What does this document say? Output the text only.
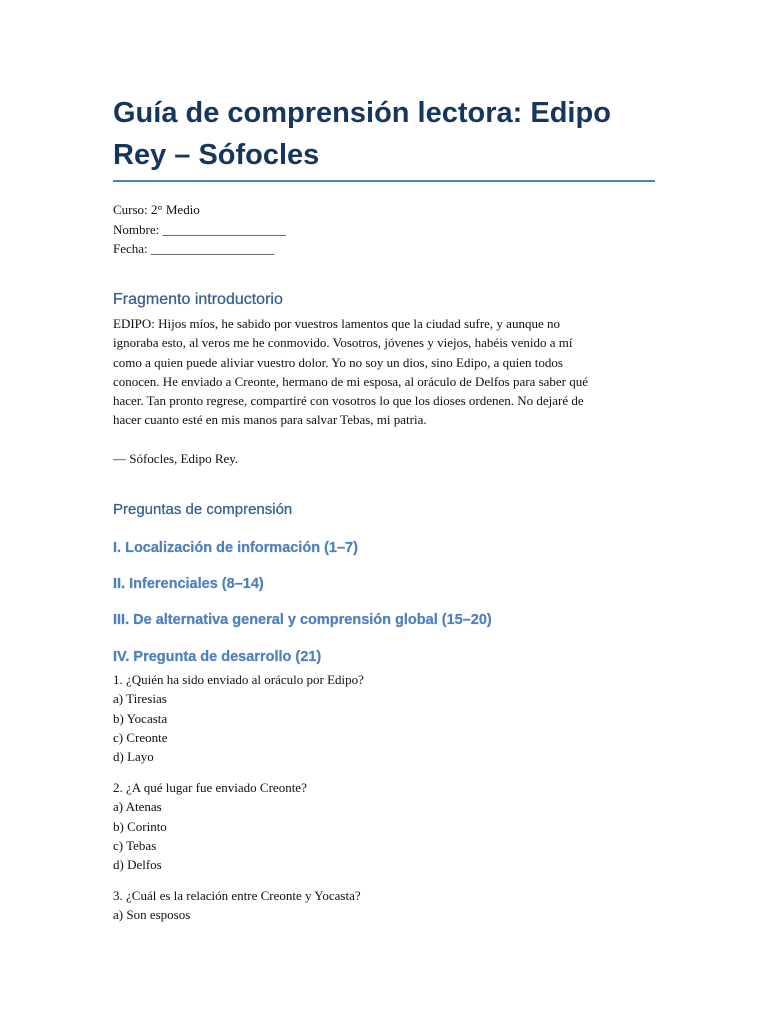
Guía de comprensión lectora: Edipo Rey – Sófocles
Curso: 2° Medio
Nombre: ___________________
Fecha: ___________________
Fragmento introductorio
EDIPO: Hijos míos, he sabido por vuestros lamentos que la ciudad sufre, y aunque no
ignoraba esto, al veros me he conmovido. Vosotros, jóvenes y viejos, habéis venido a mí
como a quien puede aliviar vuestro dolor. Yo no soy un dios, sino Edipo, a quien todos
conocen. He enviado a Creonte, hermano de mi esposa, al oráculo de Delfos para saber qué
hacer. Tan pronto regrese, compartiré con vosotros lo que los dioses ordenen. No dejaré de
hacer cuanto esté en mis manos para salvar Tebas, mi patria.
— Sófocles, Edipo Rey.
Preguntas de comprensión
I. Localización de información (1–7)
II. Inferenciales (8–14)
III. De alternativa general y comprensión global (15–20)
IV. Pregunta de desarrollo (21)
1. ¿Quién ha sido enviado al oráculo por Edipo?
a) Tiresias
b) Yocasta
c) Creonte
d) Layo
2. ¿A qué lugar fue enviado Creonte?
a) Atenas
b) Corinto
c) Tebas
d) Delfos
3. ¿Cuál es la relación entre Creonte y Yocasta?
a) Son esposos
